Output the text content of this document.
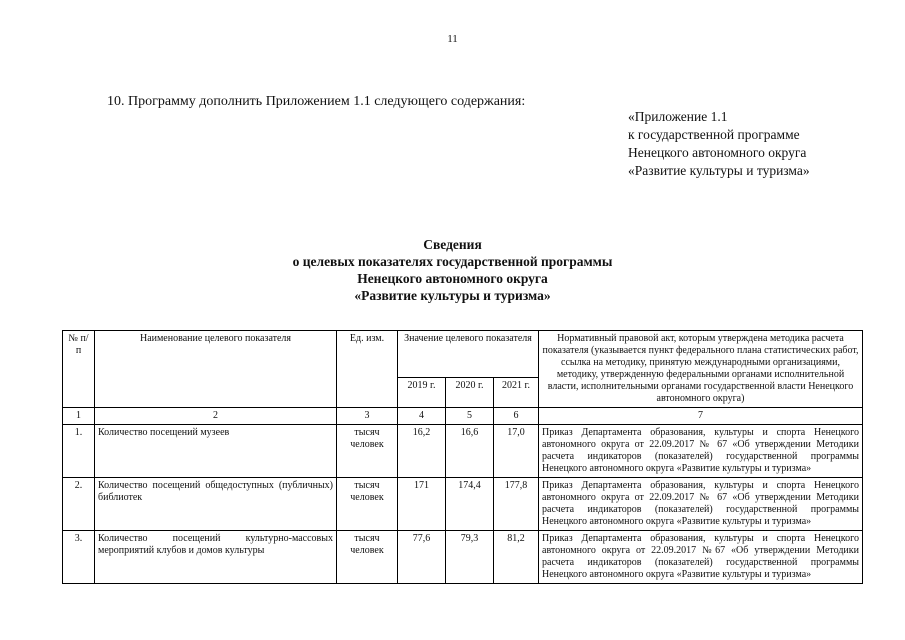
11
10. Программу дополнить Приложением 1.1 следующего содержания:
«Приложение 1.1
к государственной программе
Ненецкого автономного округа
«Развитие культуры и туризма»
Сведения
о целевых показателях государственной программы
Ненецкого автономного округа
«Развитие культуры и туризма»
№ п/п	Наименование целевого показателя	Ед. изм.	Значение целевого показателя			Нормативный правовой акт, которым утверждена методика расчета показателя (указывается пункт федерального плана статистических работ, ссылка на методику, принятую международными организациями, методику, утвержденную федеральными органами исполнительной власти, исполнительными органами государственной власти Ненецкого автономного округа)
			2019 г.	2020 г.	2021 г.	
1	2	3	4	5	6	7
1.	Количество посещений музеев	тысяч человек	16,2	16,6	17,0	Приказ Департамента образования, культуры и спорта Ненецкого автономного округа от 22.09.2017 № 67 «Об утверждении Методики расчета индикаторов (показателей) государственной программы Ненецкого автономного округа «Развитие культуры и туризма»
2.	Количество посещений общедоступных (публичных) библиотек	тысяч человек	171	174,4	177,8	Приказ Департамента образования, культуры и спорта Ненецкого автономного округа от 22.09.2017 № 67 «Об утверждении Методики расчета индикаторов (показателей) государственной программы Ненецкого автономного округа «Развитие культуры и туризма»
3.	Количество посещений культурно-массовых мероприятий клубов и домов культуры	тысяч человек	77,6	79,3	81,2	Приказ Департамента образования, культуры и спорта Ненецкого автономного округа от 22.09.2017 №67 «Об утверждении Методики расчета индикаторов (показателей) государственной программы Ненецкого автономного округа «Развитие культуры и туризма»
